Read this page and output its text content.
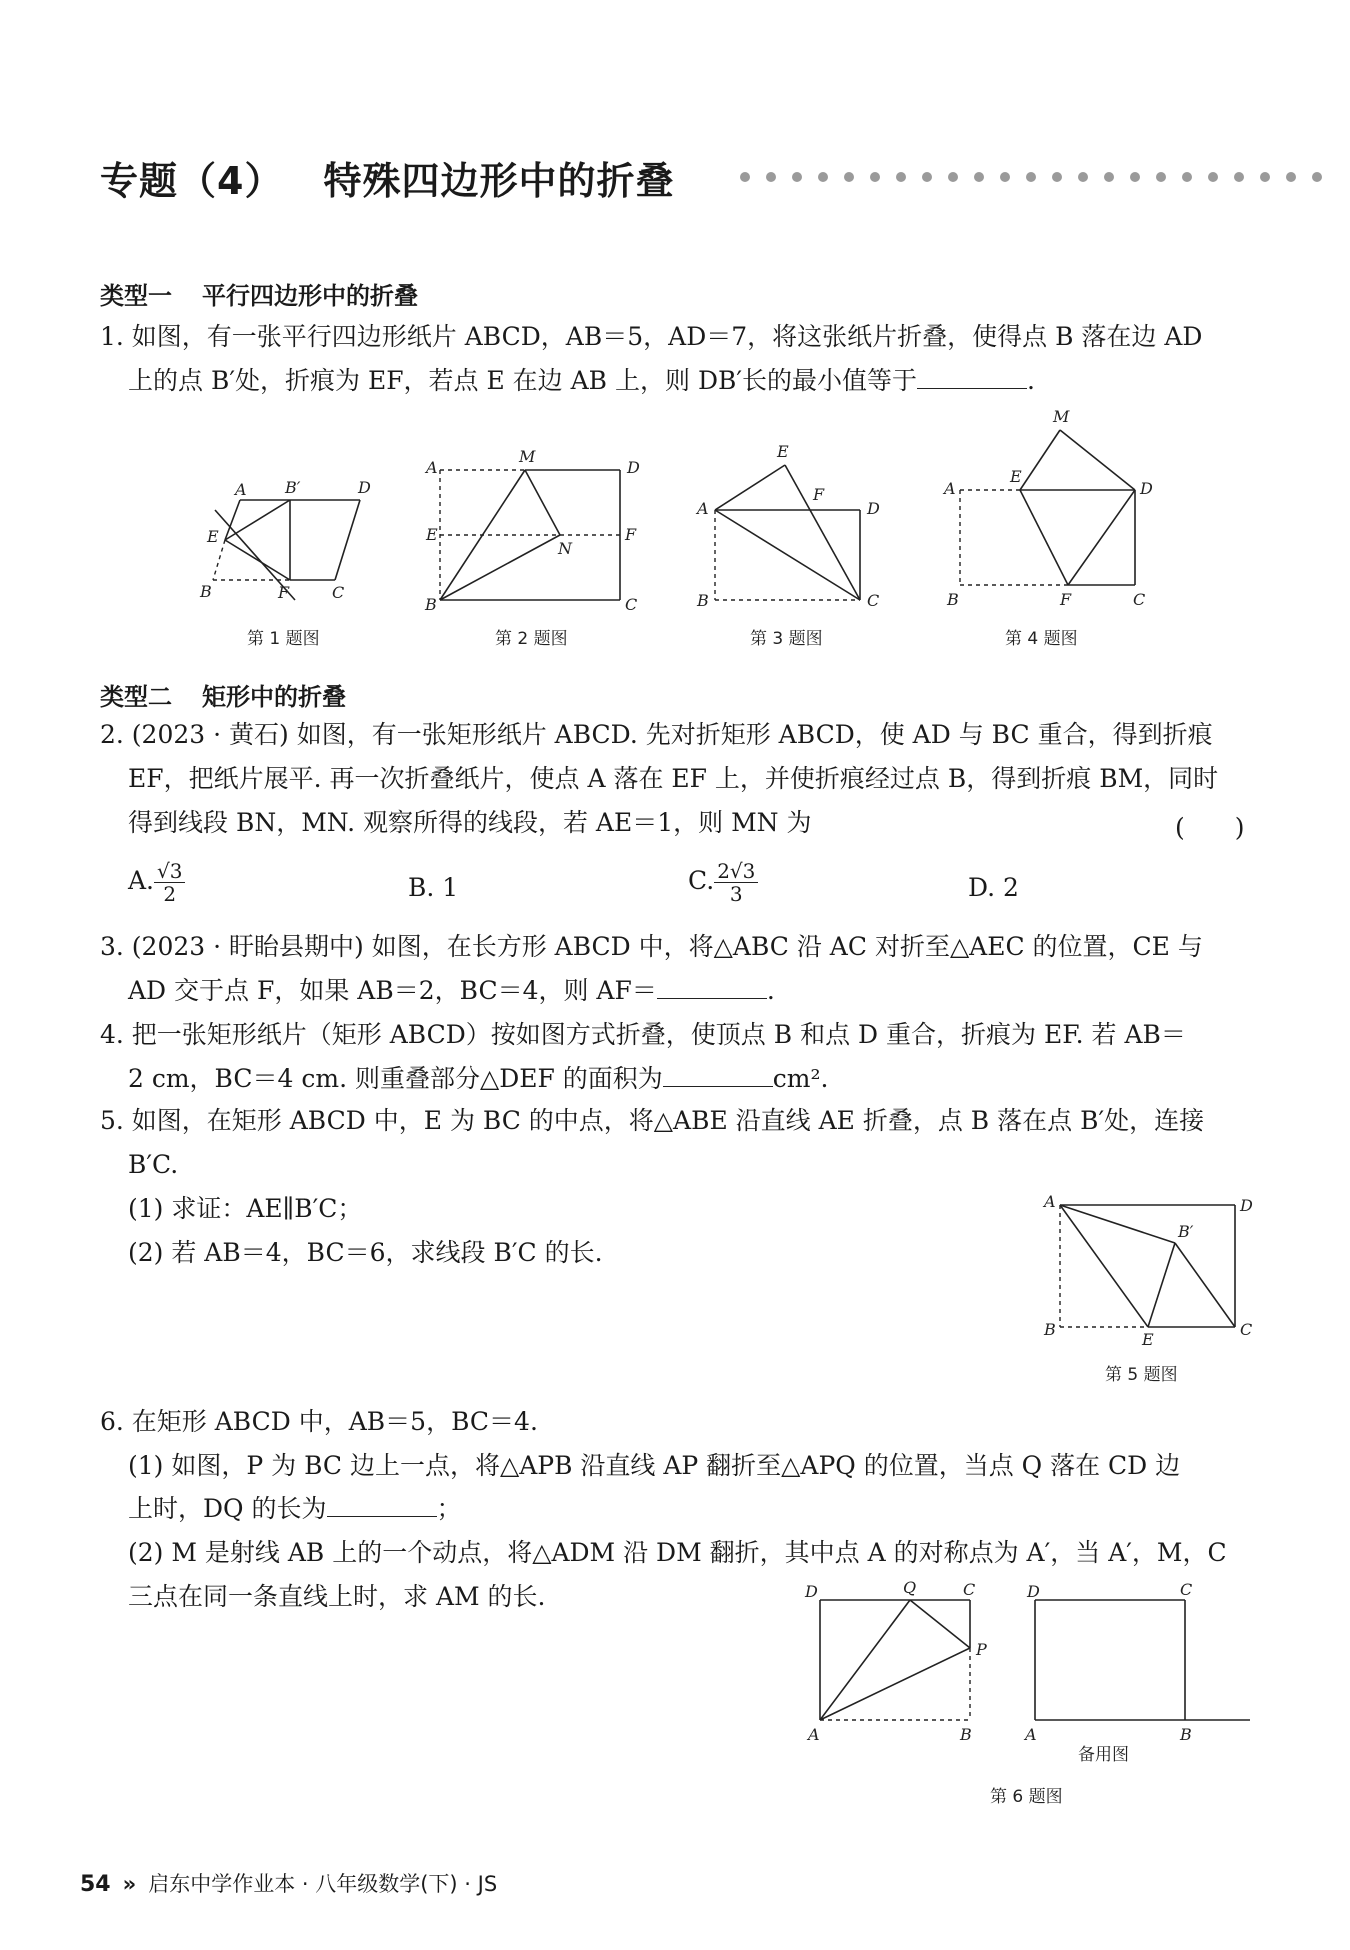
专题（4） 特殊四边形中的折叠
类型一 平行四边形中的折叠
1. 如图，有一张平行四边形纸片 ABCD，AB＝5，AD＝7，将这张纸片折叠，使得点 B 落在边 AD
上的点 B′处，折痕为 EF，若点 E 在边 AB 上，则 DB′长的最小值等于	.
A B′	D
E
B	F	C
第 1 题图
A
M
D
E
N
F
B	C
第 2 题图
E
A
F
D
B	C
第 3 题图
M
A
E
D
B	F	C
第 4 题图
类型二 矩形中的折叠
2. (2023 · 黄石) 如图，有一张矩形纸片 ABCD. 先对折矩形 ABCD，使 AD 与 BC 重合，得到折痕
EF，把纸片展平. 再一次折叠纸片，使点 A 落在 EF 上，并使折痕经过点 B，得到折痕 BM，同时
得到线段 BN，MN. 观察所得的线段，若 AE＝1，则 MN 为	(　　)
A. $\frac{√3}{2}$	B. 1	C. $\frac{2√3}{3}$	D. 2
3. (2023 · 盱眙县期中) 如图，在长方形 ABCD 中，将△ABC 沿 AC 对折至△AEC 的位置，CE 与
AD 交于点 F，如果 AB＝2，BC＝4，则 AF＝	.
4. 把一张矩形纸片（矩形 ABCD）按如图方式折叠，使顶点 B 和点 D 重合，折痕为 EF. 若 AB＝
2 cm，BC＝4 cm. 则重叠部分△DEF 的面积为	cm².
5. 如图，在矩形 ABCD 中，E 为 BC 的中点，将△ABE 沿直线 AE 折叠，点 B 落在点 B′处，连接
B′C.
(1) 求证：AE∥B′C；
(2) 若 AB＝4，BC＝6，求线段 B′C 的长.
A	D
B′
B
E
C
第 5 题图
6. 在矩形 ABCD 中，AB＝5，BC＝4.
(1) 如图，P 为 BC 边上一点，将△APB 沿直线 AP 翻折至△APQ 的位置，当点 Q 落在 CD 边
上时，DQ 的长为	；
(2) M 是射线 AB 上的一个动点，将△ADM 沿 DM 翻折，其中点 A 的对称点为 A′，当 A′，M，C
三点在同一条直线上时，求 AM 的长.	D	Q	C
P
A	B
D	C
A	B
备用图
第 6 题图
54 » 启东中学作业本 · 八年级数学(下) · JS
